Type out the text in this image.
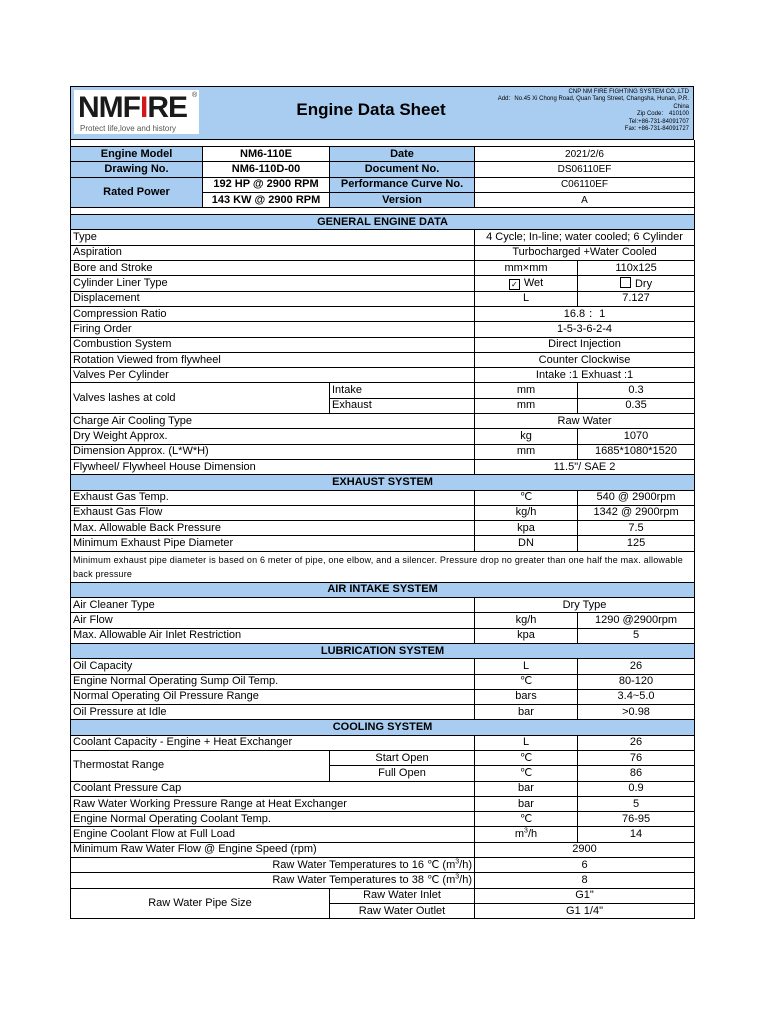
NMFIRE ®
Protect life,love and history
Engine Data Sheet
CNP NM FIRE FIGHTING SYSTEM CO.,LTD
Add：No.45 Xi Chong Road, Quan Tang Street, Changsha, Hunan, P.R.
China
Zip Code： 410100
Tel:+86-731-84091707
Fax: +86-731-84091727

Engine Model	NM6-110E	Date	2021/2/6
Drawing No.	NM6-110D-00	Document No.	DS06110EF
Rated Power	192 HP @ 2900 RPM	Performance Curve No.	C06110EF
	143 KW @ 2900 RPM	Version	A

GENERAL ENGINE DATA			
Type		4 Cycle; In-line; water cooled; 6 Cylinder	
Aspiration		Turbocharged +Water Cooled	
Bore and Stroke		mm×mm	110x125
Cylinder Liner Type		✓ Wet	Dry
Displacement		L	7.127
Compression Ratio		16.8 ：1	
Firing Order		1-5-3-6-2-4	
Combustion System		Direct Injection	
Rotation Viewed from flywheel		Counter Clockwise	
Valves Per Cylinder		Intake :1 Exhuast :1	
Valves lashes at cold	Intake	mm	0.3
	Exhaust	mm	0.35
Charge Air Cooling Type		Raw Water	
Dry Weight Approx.		kg	1070
Dimension Approx. (L*W*H)		mm	1685*1080*1520
Flywheel/ Flywheel House Dimension		11.5"/ SAE 2	
EXHAUST SYSTEM			
Exhaust Gas Temp.		℃	540 @ 2900rpm
Exhaust Gas Flow		kg/h	1342 @ 2900rpm
Max. Allowable Back Pressure		kpa	7.5
Minimum Exhaust Pipe Diameter		DN	125
Minimum exhaust pipe diameter is based on 6 meter of pipe, one elbow, and a silencer. Pressure drop no greater than one half the max. allowable back pressure			
AIR INTAKE SYSTEM			
Air Cleaner Type		Dry Type	
Air Flow		kg/h	1290 @2900rpm
Max. Allowable Air Inlet Restriction		kpa	5
LUBRICATION SYSTEM			
Oil Capacity		L	26
Engine Normal Operating Sump Oil Temp.		℃	80-120
Normal Operating Oil Pressure Range		bars	3.4~5.0
Oil Pressure at Idle		bar	>0.98
COOLING SYSTEM			
Coolant Capacity - Engine + Heat Exchanger		L	26
Thermostat Range	Start Open	℃	76
	Full Open	℃	86
Coolant Pressure Cap		bar	0.9
Raw Water Working Pressure Range at Heat Exchanger		bar	5
Engine Normal Operating Coolant Temp.		℃	76-95
Engine Coolant Flow at Full Load		$m^3/h$	14
Minimum Raw Water Flow @ Engine Speed (rpm)		2900	
Raw Water Temperatures to 16 ℃ $(m^3/h)$		6	
Raw Water Temperatures to 38 ℃ $(m^3/h)$		8	
Raw Water Pipe Size	Raw Water Inlet	G1"	
	Raw Water Outlet	G1 1/4"	
